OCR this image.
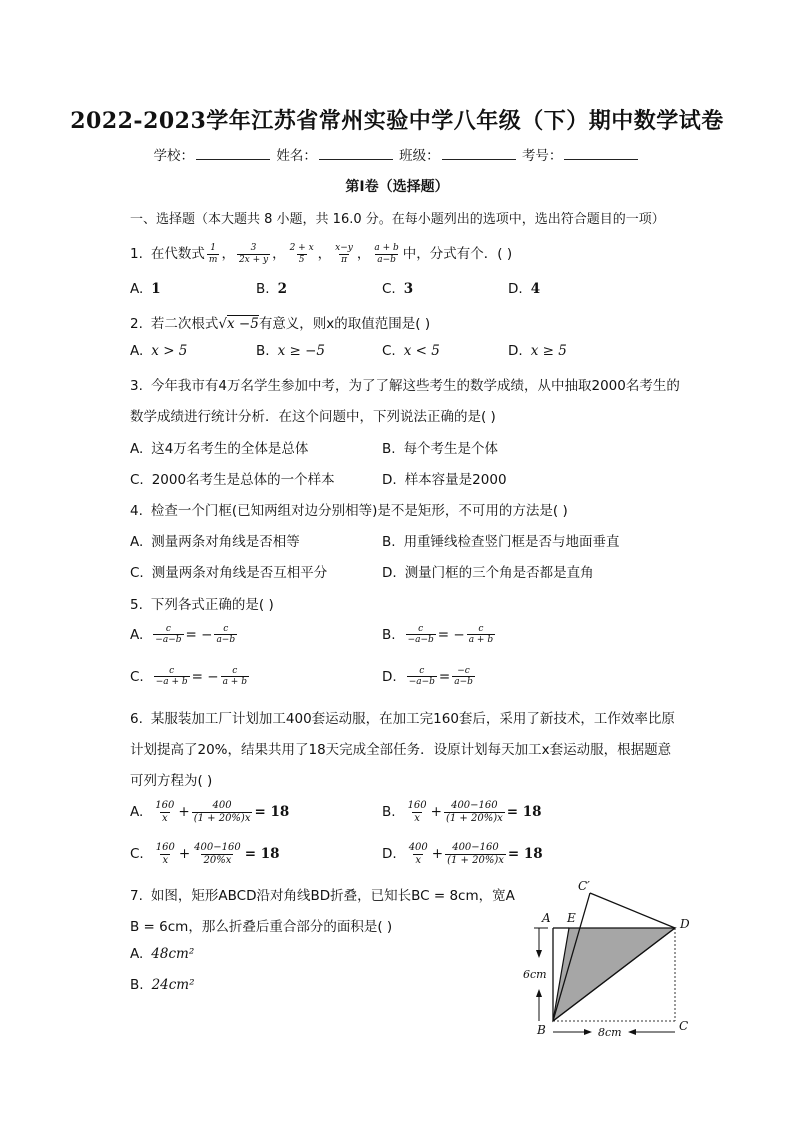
2022-2023学年江苏省常州实验中学八年级（下）期中数学试卷
学校：	姓名：	班级：	考号：
第Ⅰ卷（选择题）
一、选择题（本大题共 8 小题，共 16.0 分。在每小题列出的选项中，选出符合题目的一项）
1. 在代数式 $\frac{1}{m}$ ， $\frac{3}{2x + y}$ ， $\frac{2 + x}{5}$ ， $\frac{x-y}{\pi}$ ， $\frac{a + b}{a-b}$ 中，分式有个．( )
A. 1	B. 2	C. 3	D. 4
2. 若二次根式√x −5有意义，则x的取值范围是( )
A. x > 5	B. x ≥ −5	C. x < 5	D. x ≥ 5
3. 今年我市有4万名学生参加中考，为了了解这些考生的数学成绩，从中抽取2000名考生的
数学成绩进行统计分析．在这个问题中，下列说法正确的是( )
A. 这4万名考生的全体是总体	B. 每个考生是个体
C. 2000名考生是总体的一个样本	D. 样本容量是2000
4. 检查一个门框(已知两组对边分别相等)是不是矩形，不可用的方法是( )
A. 测量两条对角线是否相等	B. 用重锤线检查竖门框是否与地面垂直
C. 测量两条对角线是否互相平分	D. 测量门框的三个角是否都是直角
5. 下列各式正确的是( )
A. $\frac{c}{-a-b}$ = − $\frac{c}{a-b}$	B. $\frac{c}{-a-b}$ = − $\frac{c}{a + b}$
C. $\frac{c}{-a + b}$ = − $\frac{c}{a + b}$	D. $\frac{c}{-a-b} = \frac{-c}{a-b}$
6. 某服装加工厂计划加工400套运动服，在加工完160套后，采用了新技术，工作效率比原
计划提高了20%，结果共用了18天完成全部任务．设原计划每天加工x套运动服，根据题意
可列方程为( )
A. $\frac{160}{x} + \frac{400}{(1 + 20\%)x} = 18$	B. $\frac{160}{x} + \frac{400-160}{(1 + 20\%)x} = 18$
C. $\frac{160}{x} + \frac{400-160}{20\%x} = 18$	D. $\frac{400}{x} + \frac{400-160}{(1 + 20\%)x} = 18$
7. 如图，矩形ABCD沿对角线BD折叠，已知长BC = 8cm，宽A
B = 6cm，那么折叠后重合部分的面积是( )
A. 48cm²
B. 24cm²
A E
C′
D
B	C
6cm
8cm
